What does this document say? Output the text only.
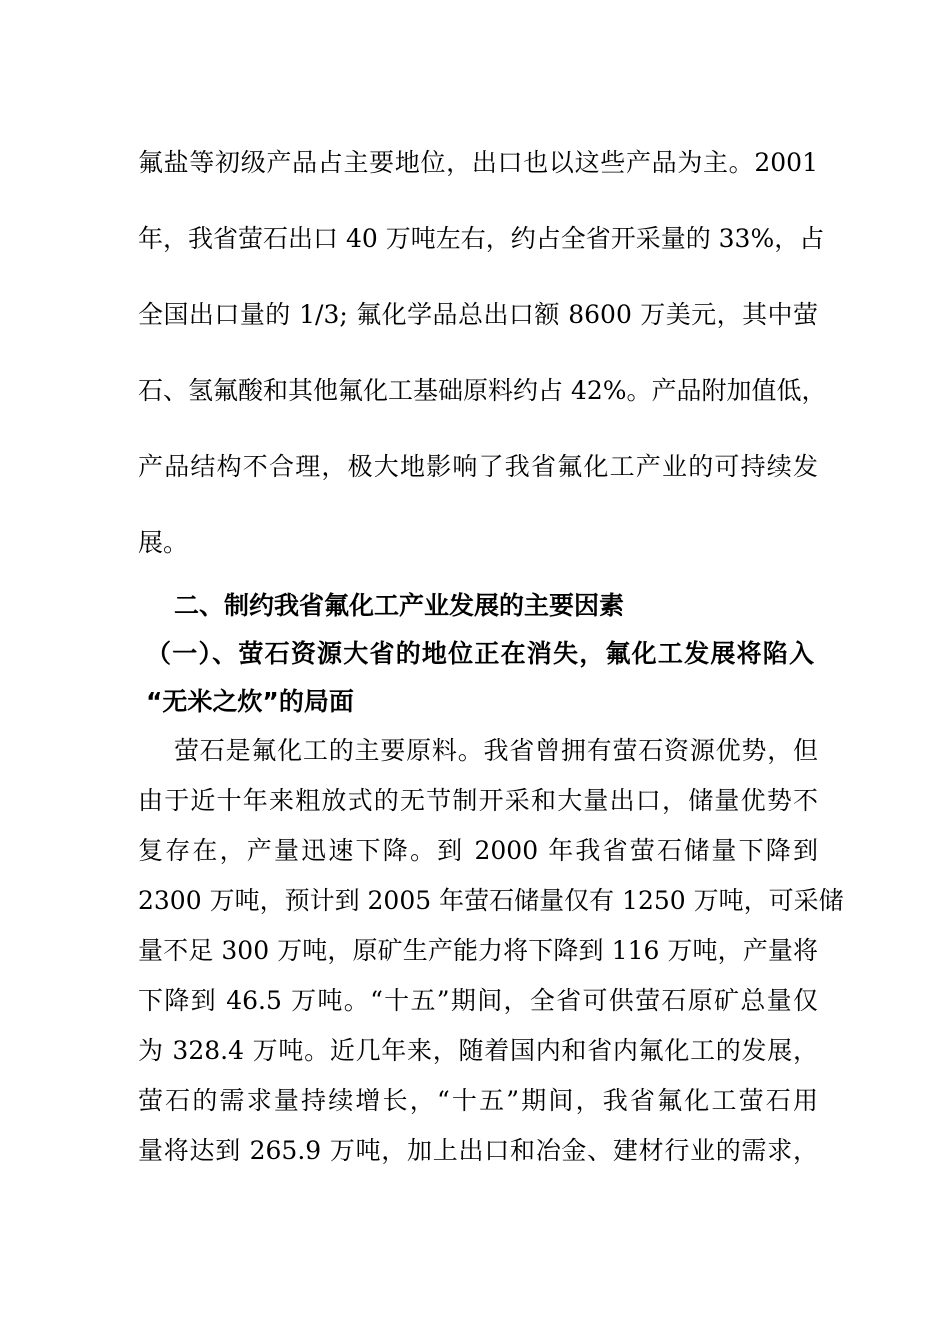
氟盐等初级产品占主要地位，出口也以这些产品为主。2001
年，我省萤石出口 40 万吨左右，约占全省开采量的 33%，占
全国出口量的 1/3; 氟化学品总出口额 8600 万美元，其中萤
石、氢氟酸和其他氟化工基础原料约占 42%。产品附加值低，
产品结构不合理，极大地影响了我省氟化工产业的可持续发
展。
二、制约我省氟化工产业发展的主要因素
（一）、萤石资源大省的地位正在消失，氟化工发展将陷入
“无米之炊”的局面
萤石是氟化工的主要原料。我省曾拥有萤石资源优势，但
由于近十年来粗放式的无节制开采和大量出口，储量优势不
复存在，产量迅速下降。到 2000 年我省萤石储量下降到
2300 万吨，预计到 2005 年萤石储量仅有 1250 万吨，可采储
量不足 300 万吨，原矿生产能力将下降到 116 万吨，产量将
下降到 46.5 万吨。“十五”期间，全省可供萤石原矿总量仅
为 328.4 万吨。近几年来，随着国内和省内氟化工的发展，
萤石的需求量持续增长，“十五”期间，我省氟化工萤石用
量将达到 265.9 万吨，加上出口和冶金、建材行业的需求，
